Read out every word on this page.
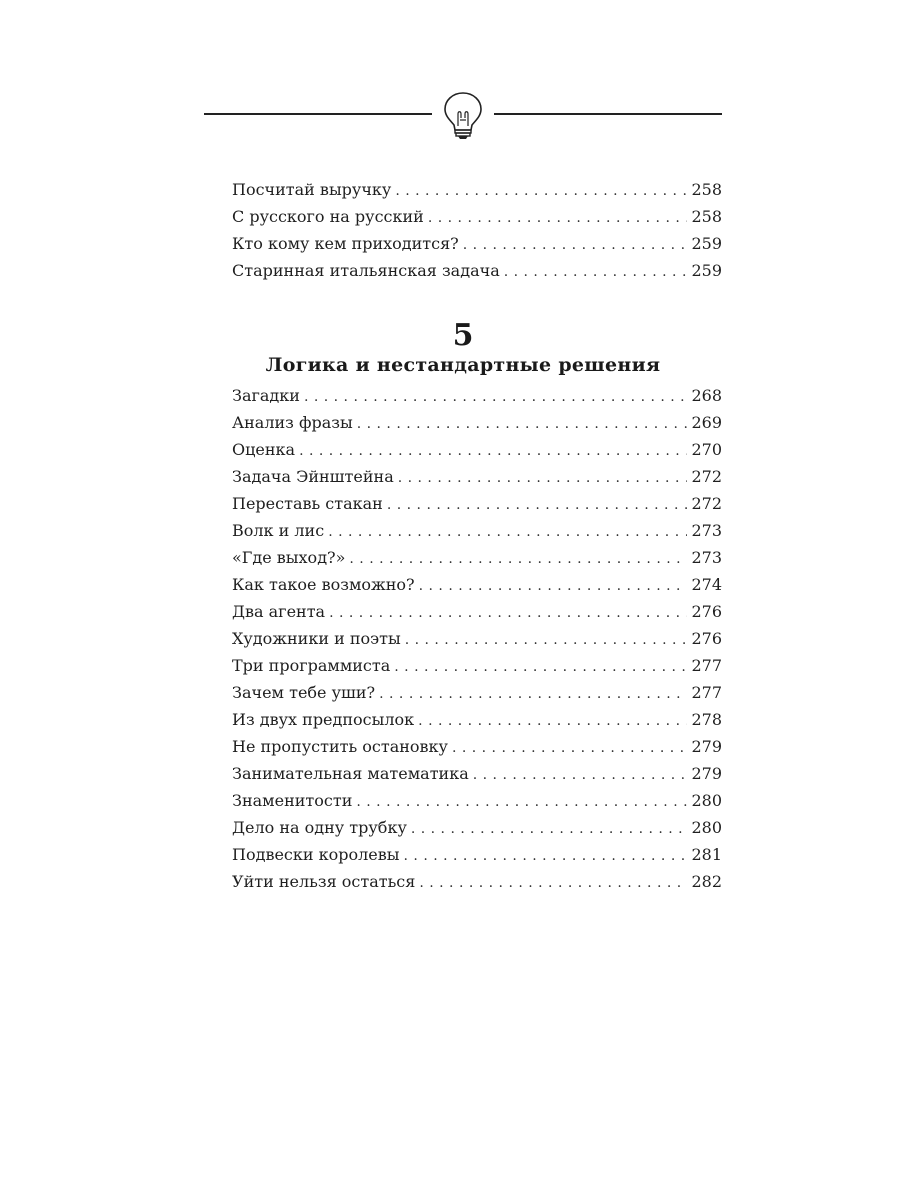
Посчитай выручку . . .	258
С русского на русский . . .	258
Кто кому кем приходится? . . .	259
Старинная итальянская задача . . .	259
5
Логика и нестандартные решения
Загадки . . .	268
Анализ фразы . . .	269
Оценка . . .	270
Задача Эйнштейна . . .	272
Переставь стакан . . .	272
Волк и лис . . .	273
«Где выход?» . . .	273
Как такое возможно? . . .	274
Два агента . . .	276
Художники и поэты . . .	276
Три программиста . . .	277
Зачем тебе уши? . . .	277
Из двух предпосылок . . .	278
Не пропустить остановку . . .	279
Занимательная математика . . .	279
Знаменитости . . .	280
Дело на одну трубку . . .	280
Подвески королевы . . .	281
Уйти нельзя остаться . . .	282
